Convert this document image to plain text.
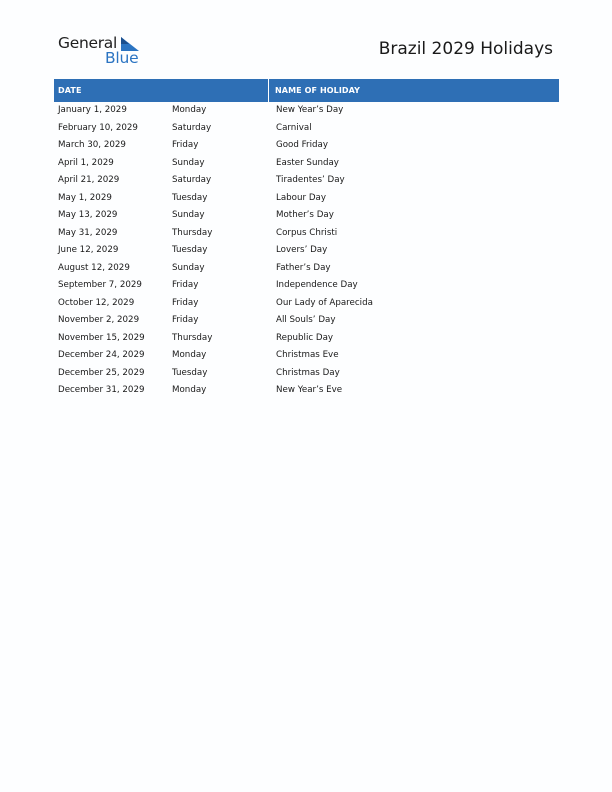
General
Blue	Brazil 2029 Holidays
DATE	NAME OF HOLIDAY
January 1, 2029	Monday	New Year’s Day
February 10, 2029	Saturday	Carnival
March 30, 2029	Friday	Good Friday
April 1, 2029	Sunday	Easter Sunday
April 21, 2029	Saturday	Tiradentes’ Day
May 1, 2029	Tuesday	Labour Day
May 13, 2029	Sunday	Mother’s Day
May 31, 2029	Thursday	Corpus Christi
June 12, 2029	Tuesday	Lovers’ Day
August 12, 2029	Sunday	Father’s Day
September 7, 2029	Friday	Independence Day
October 12, 2029	Friday	Our Lady of Aparecida
November 2, 2029	Friday	All Souls’ Day
November 15, 2029	Thursday	Republic Day
December 24, 2029	Monday	Christmas Eve
December 25, 2029	Tuesday	Christmas Day
December 31, 2029	Monday	New Year’s Eve
